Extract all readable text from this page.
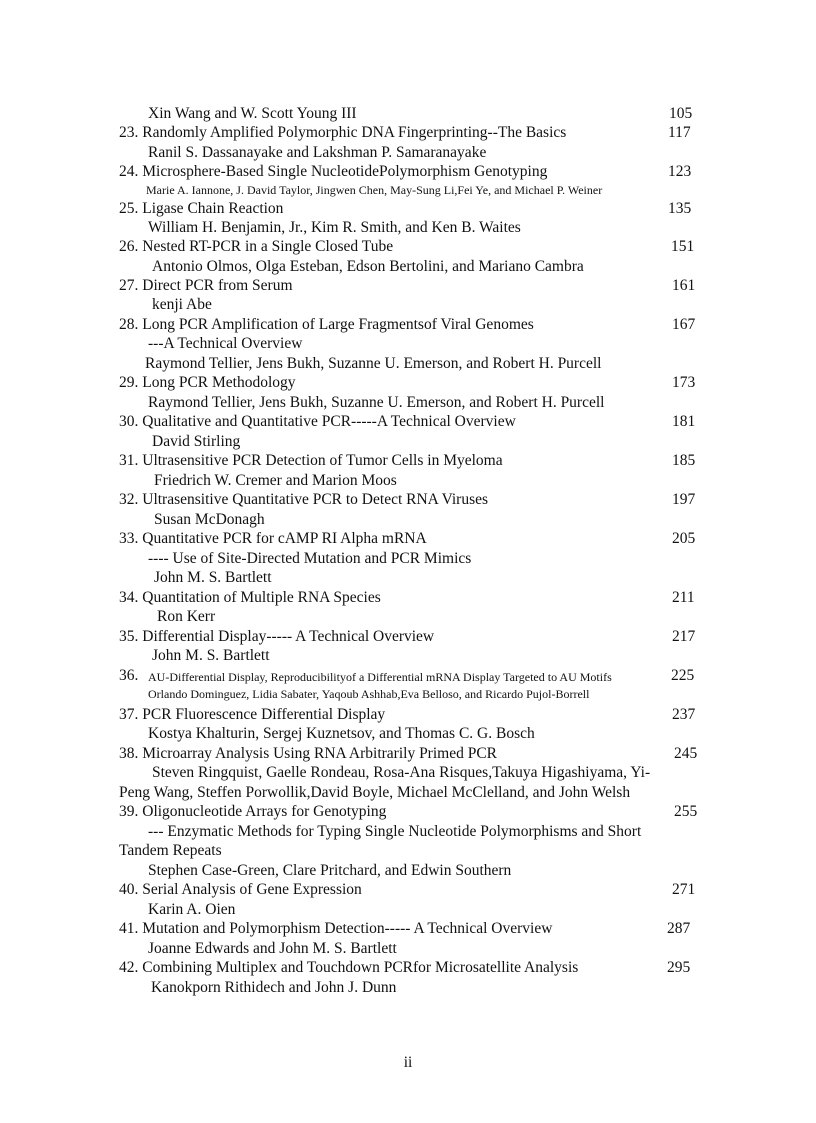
Xin Wang and W. Scott Young III	105
23. Randomly Amplified Polymorphic DNA Fingerprinting--The Basics	117
Ranil S. Dassanayake and Lakshman P. Samaranayake
24. Microsphere-Based Single NucleotidePolymorphism Genotyping	123
Marie A. Iannone, J. David Taylor, Jingwen Chen, May-Sung Li,Fei Ye, and Michael P. Weiner
25. Ligase Chain Reaction	135
William H. Benjamin, Jr., Kim R. Smith, and Ken B. Waites
26. Nested RT-PCR in a Single Closed Tube	151
Antonio Olmos, Olga Esteban, Edson Bertolini, and Mariano Cambra
27. Direct PCR from Serum	161
kenji Abe
28. Long PCR Amplification of Large Fragmentsof Viral Genomes	167
---A Technical Overview
Raymond Tellier, Jens Bukh, Suzanne U. Emerson, and Robert H. Purcell
29. Long PCR Methodology	173
Raymond Tellier, Jens Bukh, Suzanne U. Emerson, and Robert H. Purcell
30. Qualitative and Quantitative PCR-----A Technical Overview	181
David Stirling
31. Ultrasensitive PCR Detection of Tumor Cells in Myeloma	185
Friedrich W. Cremer and Marion Moos
32. Ultrasensitive Quantitative PCR to Detect RNA Viruses	197
Susan McDonagh
33. Quantitative PCR for cAMP RI Alpha mRNA	205
---- Use of Site-Directed Mutation and PCR Mimics
John M. S. Bartlett
34. Quantitation of Multiple RNA Species	211
Ron Kerr
35. Differential Display----- A Technical Overview	217
John M. S. Bartlett
36. AU-Differential Display, Reproducibilityof a Differential mRNA Display Targeted to AU Motifs	225
Orlando Dominguez, Lidia Sabater, Yaqoub Ashhab,Eva Belloso, and Ricardo Pujol-Borrell
37. PCR Fluorescence Differential Display	237
Kostya Khalturin, Sergej Kuznetsov, and Thomas C. G. Bosch
38. Microarray Analysis Using RNA Arbitrarily Primed PCR	245
Steven Ringquist, Gaelle Rondeau, Rosa-Ana Risques,Takuya Higashiyama, Yi-
Peng Wang, Steffen Porwollik,David Boyle, Michael McClelland, and John Welsh
39. Oligonucleotide Arrays for Genotyping	255
--- Enzymatic Methods for Typing Single Nucleotide Polymorphisms and Short
Tandem Repeats
Stephen Case-Green, Clare Pritchard, and Edwin Southern
40. Serial Analysis of Gene Expression	271
Karin A. Oien
41. Mutation and Polymorphism Detection----- A Technical Overview	287
Joanne Edwards and John M. S. Bartlett
42. Combining Multiplex and Touchdown PCRfor Microsatellite Analysis	295
Kanokporn Rithidech and John J. Dunn
ii
